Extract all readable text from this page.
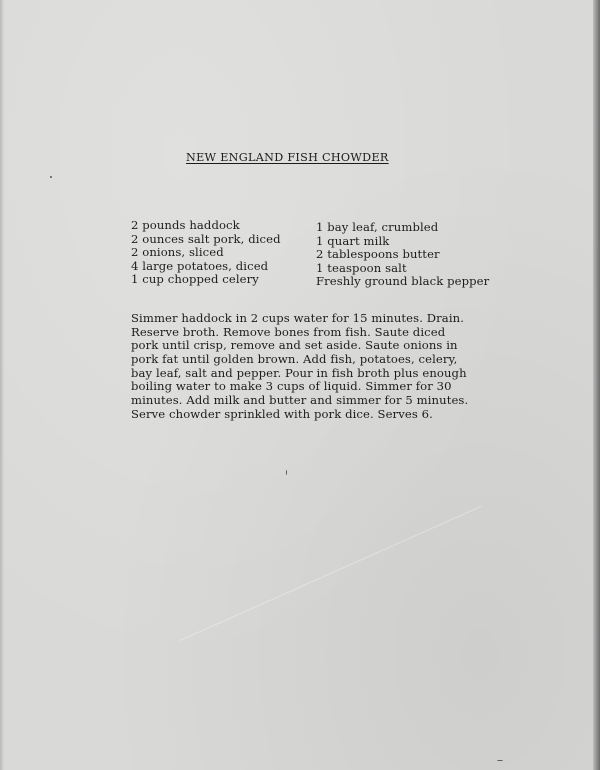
NEW ENGLAND FISH CHOWDER
2 pounds haddock
2 ounces salt pork, diced
2 onions, sliced
4 large potatoes, diced
1 cup chopped celery
1 bay leaf, crumbled
1 quart milk
2 tablespoons butter
1 teaspoon salt
Freshly ground black pepper

Simmer haddock in 2 cups water for 15 minutes. Drain.
Reserve broth. Remove bones from fish. Saute diced
pork until crisp, remove and set aside. Saute onions in
pork fat until golden brown. Add fish, potatoes, celery,
bay leaf, salt and pepper. Pour in fish broth plus enough
boiling water to make 3 cups of liquid. Simmer for 30
minutes. Add milk and butter and simmer for 5 minutes.
Serve chowder sprinkled with pork dice. Serves 6.
